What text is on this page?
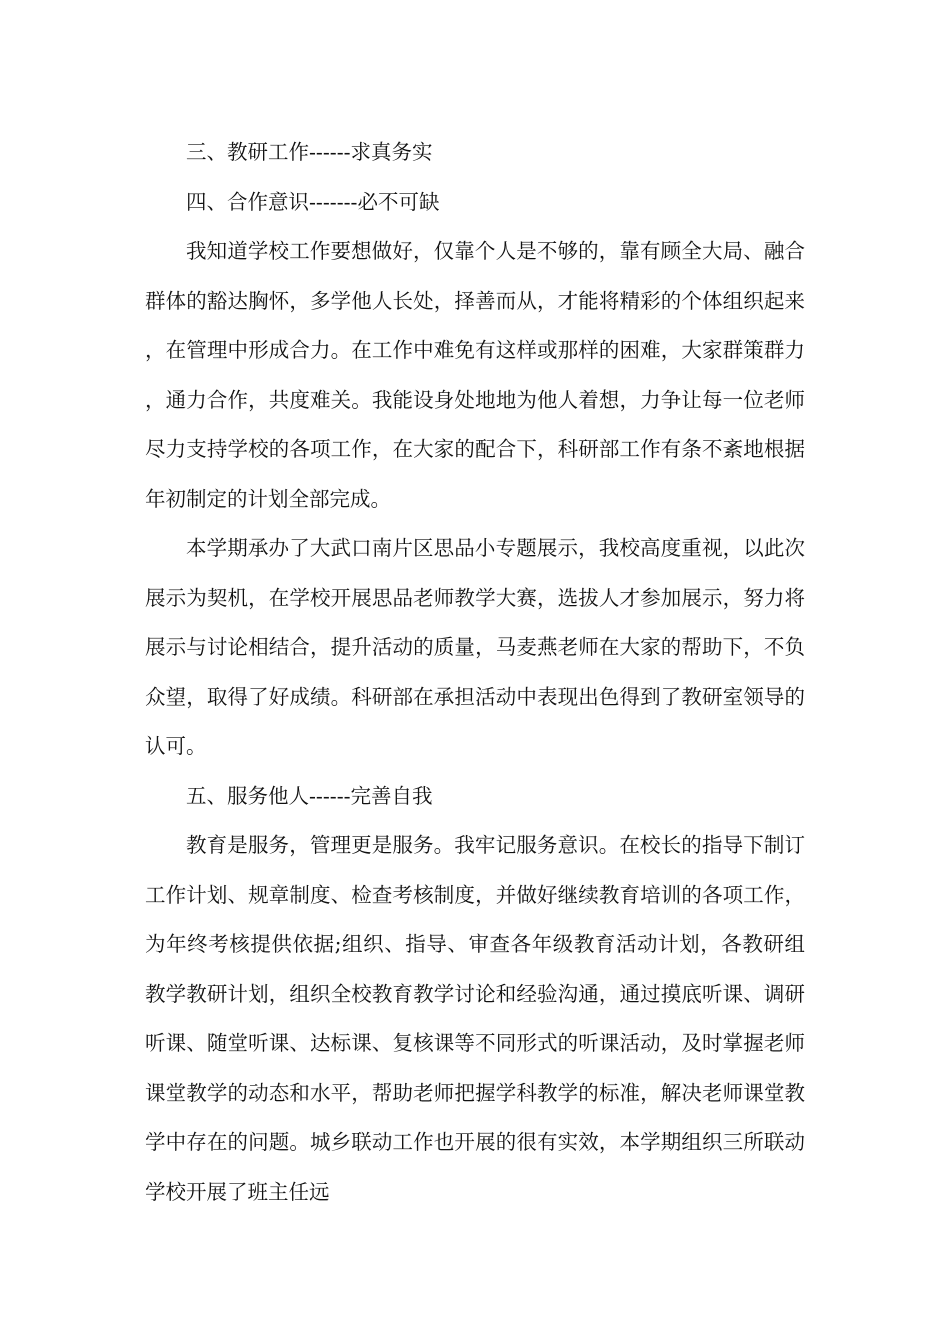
三、教研工作------求真务实

四、合作意识-------必不可缺

我知道学校工作要想做好，仅靠个人是不够的，靠有顾全大局、融合群体的豁达胸怀，多学他人长处，择善而从，才能将精彩的个体组织起来，在管理中形成合力。在工作中难免有这样或那样的困难，大家群策群力，通力合作，共度难关。我能设身处地地为他人着想，力争让每一位老师尽力支持学校的各项工作，在大家的配合下，科研部工作有条不紊地根据年初制定的计划全部完成。

本学期承办了大武口南片区思品小专题展示，我校高度重视，以此次展示为契机，在学校开展思品老师教学大赛，选拔人才参加展示，努力将展示与讨论相结合，提升活动的质量，马麦燕老师在大家的帮助下，不负众望，取得了好成绩。科研部在承担活动中表现出色得到了教研室领导的认可。

五、服务他人------完善自我

教育是服务，管理更是服务。我牢记服务意识。在校长的指导下制订工作计划、规章制度、检查考核制度，并做好继续教育培训的各项工作，为年终考核提供依据;组织、指导、审查各年级教育活动计划，各教研组教学教研计划，组织全校教育教学讨论和经验沟通，通过摸底听课、调研听课、随堂听课、达标课、复核课等不同形式的听课活动，及时掌握老师课堂教学的动态和水平，帮助老师把握学科教学的标准，解决老师课堂教学中存在的问题。城乡联动工作也开展的很有实效，本学期组织三所联动学校开展了班主任远
